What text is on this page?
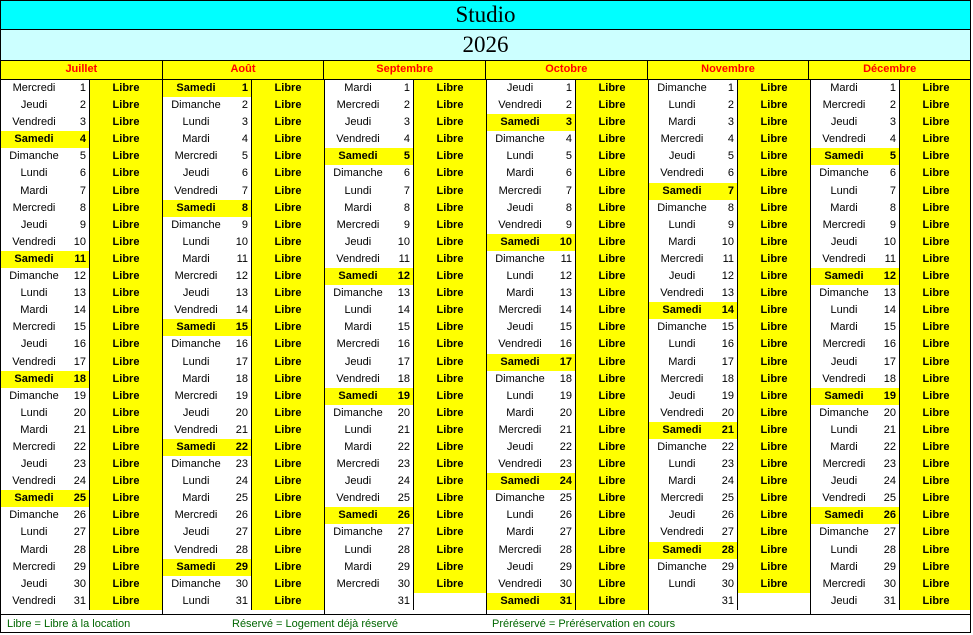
Studio
2026
Juillet	Août	Septembre	Octobre	Novembre	Décembre
Mercredi	1	Libre
Jeudi	2	Libre
Vendredi	3	Libre
Samedi	4	Libre
Dimanche	5	Libre
Lundi	6	Libre
Mardi	7	Libre
Mercredi	8	Libre
Jeudi	9	Libre
Vendredi	10	Libre
Samedi	11	Libre
Dimanche	12	Libre
Lundi	13	Libre
Mardi	14	Libre
Mercredi	15	Libre
Jeudi	16	Libre
Vendredi	17	Libre
Samedi	18	Libre
Dimanche	19	Libre
Lundi	20	Libre
Mardi	21	Libre
Mercredi	22	Libre
Jeudi	23	Libre
Vendredi	24	Libre
Samedi	25	Libre
Dimanche	26	Libre
Lundi	27	Libre
Mardi	28	Libre
Mercredi	29	Libre
Jeudi	30	Libre
Vendredi	31	Libre
Samedi	1	Libre
Dimanche	2	Libre
Lundi	3	Libre
Mardi	4	Libre
Mercredi	5	Libre
Jeudi	6	Libre
Vendredi	7	Libre
Samedi	8	Libre
Dimanche	9	Libre
Lundi	10	Libre
Mardi	11	Libre
Mercredi	12	Libre
Jeudi	13	Libre
Vendredi	14	Libre
Samedi	15	Libre
Dimanche	16	Libre
Lundi	17	Libre
Mardi	18	Libre
Mercredi	19	Libre
Jeudi	20	Libre
Vendredi	21	Libre
Samedi	22	Libre
Dimanche	23	Libre
Lundi	24	Libre
Mardi	25	Libre
Mercredi	26	Libre
Jeudi	27	Libre
Vendredi	28	Libre
Samedi	29	Libre
Dimanche	30	Libre
Lundi	31	Libre
Mardi	1	Libre
Mercredi	2	Libre
Jeudi	3	Libre
Vendredi	4	Libre
Samedi	5	Libre
Dimanche	6	Libre
Lundi	7	Libre
Mardi	8	Libre
Mercredi	9	Libre
Jeudi	10	Libre
Vendredi	11	Libre
Samedi	12	Libre
Dimanche	13	Libre
Lundi	14	Libre
Mardi	15	Libre
Mercredi	16	Libre
Jeudi	17	Libre
Vendredi	18	Libre
Samedi	19	Libre
Dimanche	20	Libre
Lundi	21	Libre
Mardi	22	Libre
Mercredi	23	Libre
Jeudi	24	Libre
Vendredi	25	Libre
Samedi	26	Libre
Dimanche	27	Libre
Lundi	28	Libre
Mardi	29	Libre
Mercredi	30	Libre
31
Jeudi	1	Libre
Vendredi	2	Libre
Samedi	3	Libre
Dimanche	4	Libre
Lundi	5	Libre
Mardi	6	Libre
Mercredi	7	Libre
Jeudi	8	Libre
Vendredi	9	Libre
Samedi	10	Libre
Dimanche	11	Libre
Lundi	12	Libre
Mardi	13	Libre
Mercredi	14	Libre
Jeudi	15	Libre
Vendredi	16	Libre
Samedi	17	Libre
Dimanche	18	Libre
Lundi	19	Libre
Mardi	20	Libre
Mercredi	21	Libre
Jeudi	22	Libre
Vendredi	23	Libre
Samedi	24	Libre
Dimanche	25	Libre
Lundi	26	Libre
Mardi	27	Libre
Mercredi	28	Libre
Jeudi	29	Libre
Vendredi	30	Libre
Samedi	31	Libre
Dimanche	1	Libre
Lundi	2	Libre
Mardi	3	Libre
Mercredi	4	Libre
Jeudi	5	Libre
Vendredi	6	Libre
Samedi	7	Libre
Dimanche	8	Libre
Lundi	9	Libre
Mardi	10	Libre
Mercredi	11	Libre
Jeudi	12	Libre
Vendredi	13	Libre
Samedi	14	Libre
Dimanche	15	Libre
Lundi	16	Libre
Mardi	17	Libre
Mercredi	18	Libre
Jeudi	19	Libre
Vendredi	20	Libre
Samedi	21	Libre
Dimanche	22	Libre
Lundi	23	Libre
Mardi	24	Libre
Mercredi	25	Libre
Jeudi	26	Libre
Vendredi	27	Libre
Samedi	28	Libre
Dimanche	29	Libre
Lundi	30	Libre
31
Mardi	1	Libre
Mercredi	2	Libre
Jeudi	3	Libre
Vendredi	4	Libre
Samedi	5	Libre
Dimanche	6	Libre
Lundi	7	Libre
Mardi	8	Libre
Mercredi	9	Libre
Jeudi	10	Libre
Vendredi	11	Libre
Samedi	12	Libre
Dimanche	13	Libre
Lundi	14	Libre
Mardi	15	Libre
Mercredi	16	Libre
Jeudi	17	Libre
Vendredi	18	Libre
Samedi	19	Libre
Dimanche	20	Libre
Lundi	21	Libre
Mardi	22	Libre
Mercredi	23	Libre
Jeudi	24	Libre
Vendredi	25	Libre
Samedi	26	Libre
Dimanche	27	Libre
Lundi	28	Libre
Mardi	29	Libre
Mercredi	30	Libre
Jeudi	31	Libre
Libre = Libre à la location	Réservé = Logement déjà réservé	Préréservé = Préréservation en cours
